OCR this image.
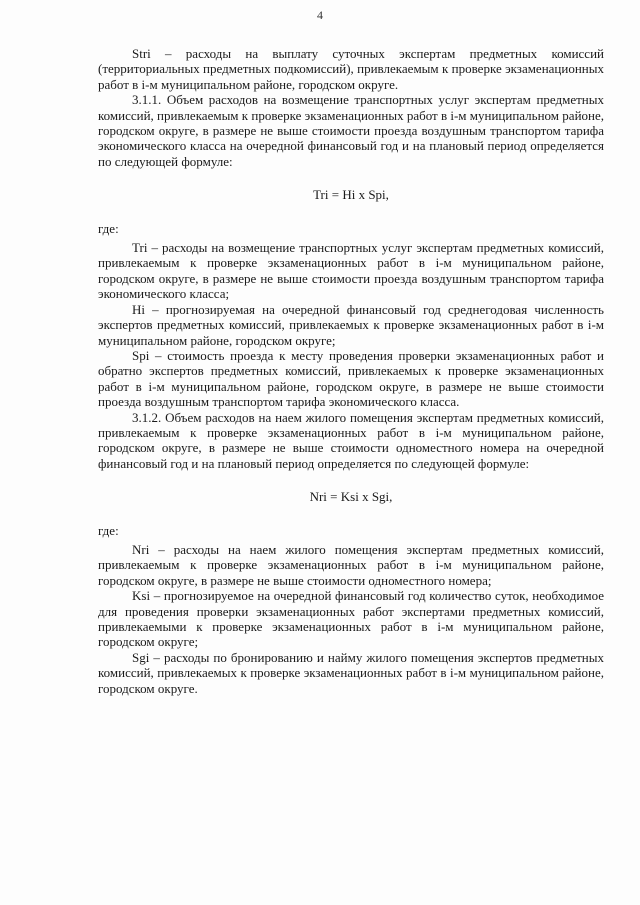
4

Stri – расходы на выплату суточных экспертам предметных комиссий (территориальных предметных подкомиссий), привлекаемым к проверке экзаменационных работ в i-м муниципальном районе, городском округе.

3.1.1. Объем расходов на возмещение транспортных услуг экспертам предметных комиссий, привлекаемым к проверке экзаменационных работ в i-м муниципальном районе, городском округе, в размере не выше стоимости проезда воздушным транспортом тарифа экономического класса на очередной финансовый год и на плановый период определяется по следующей формуле:

Tri = Hi x Spi,

где:

Tri – расходы на возмещение транспортных услуг экспертам предметных комиссий, привлекаемым к проверке экзаменационных работ в i-м муниципальном районе, городском округе, в размере не выше стоимости проезда воздушным транспортом тарифа экономического класса;

Hi – прогнозируемая на очередной финансовый год среднегодовая численность экспертов предметных комиссий, привлекаемых к проверке экзаменационных работ в i-м муниципальном районе, городском округе;

Spi – стоимость проезда к месту проведения проверки экзаменационных работ и обратно экспертов предметных комиссий, привлекаемых к проверке экзаменационных работ в i-м муниципальном районе, городском округе, в размере не выше стоимости проезда воздушным транспортом тарифа экономического класса.

3.1.2. Объем расходов на наем жилого помещения экспертам предметных комиссий, привлекаемым к проверке экзаменационных работ в i-м муниципальном районе, городском округе, в размере не выше стоимости одноместного номера на очередной финансовый год и на плановый период определяется по следующей формуле:

Nri = Ksi x Sgi,

где:

Nri – расходы на наем жилого помещения экспертам предметных комиссий, привлекаемым к проверке экзаменационных работ в i-м муниципальном районе, городском округе, в размере не выше стоимости одноместного номера;

Ksi – прогнозируемое на очередной финансовый год количество суток, необходимое для проведения проверки экзаменационных работ экспертами предметных комиссий, привлекаемыми к проверке экзаменационных работ в i-м муниципальном районе, городском округе;

Sgi – расходы по бронированию и найму жилого помещения экспертов предметных комиссий, привлекаемых к проверке экзаменационных работ в i-м муниципальном районе, городском округе.
